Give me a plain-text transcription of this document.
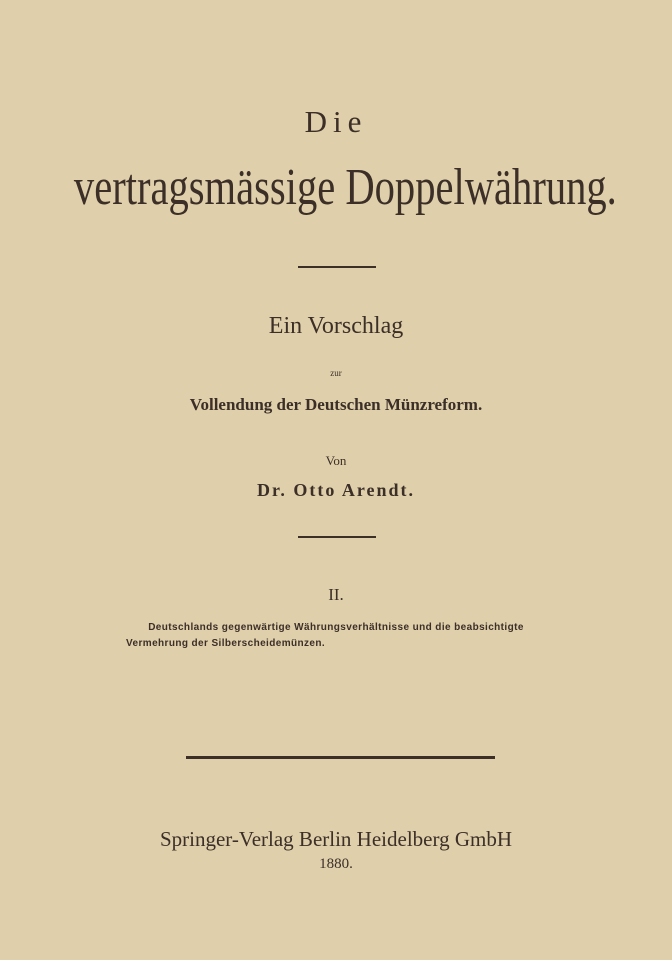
Die
vertragsmässige Doppelwährung.
Ein Vorschlag
zur
Vollendung der Deutschen Münzreform.
Von
Dr. Otto Arendt.
II.
Deutschlands gegenwärtige Währungsverhältnisse und die beabsichtigte
Vermehrung der Silberscheidemünzen.
Springer-Verlag Berlin Heidelberg GmbH
1880.
